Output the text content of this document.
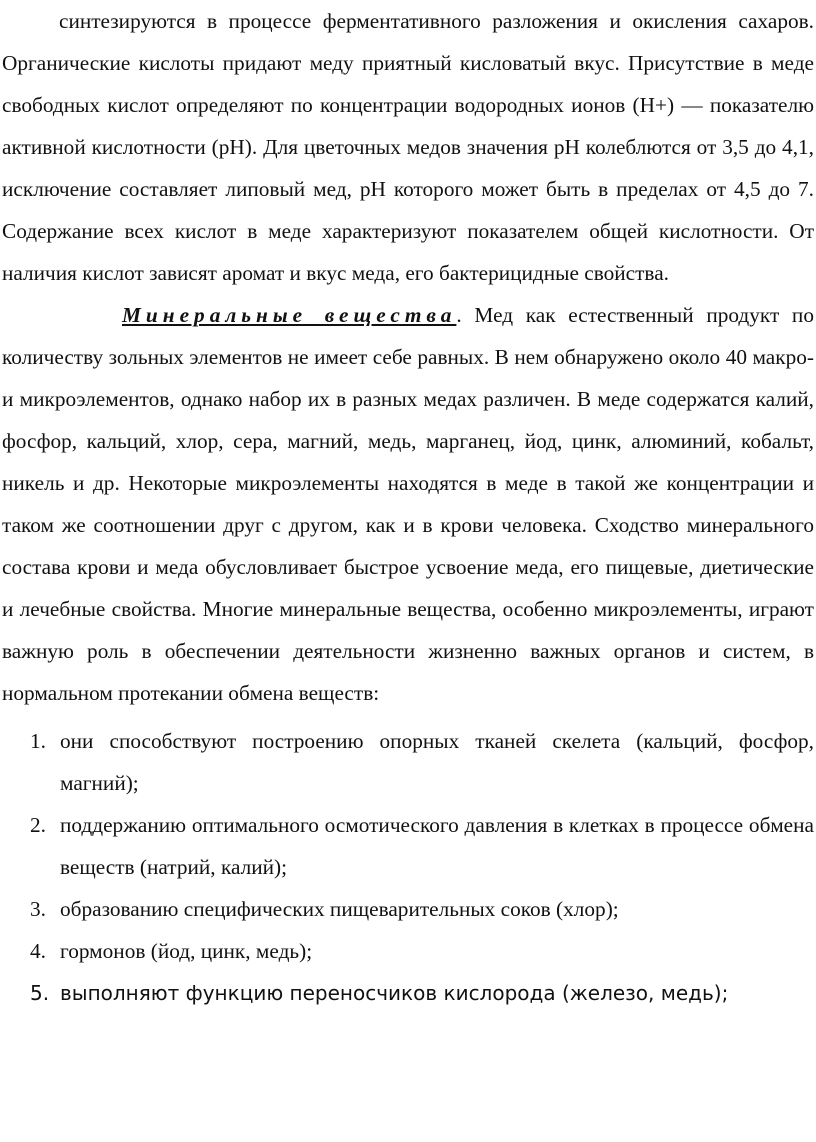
синтезируются в процессе ферментативного разложения и окисления сахаров. Органические кислоты придают меду приятный кисловатый вкус. Присутствие в меде свободных кислот определяют по концентрации водородных ионов (Н+) — показателю активной кислотности (pH). Для цветочных медов значения pH колеблются от 3,5 до 4,1, исключение составляет липовый мед, pH которого может быть в пределах от 4,5 до 7. Содержание всех кислот в меде характеризуют показателем общей кислотности. От наличия кислот зависят аромат и вкус меда, его бактерицидные свойства.

Минеральные вещества. Мед как естественный продукт по количеству зольных элементов не имеет себе равных. В нем обнаружено около 40 макро- и микроэлементов, однако набор их в разных медах различен. В меде содержатся калий, фосфор, кальций, хлор, сера, магний, медь, марганец, йод, цинк, алюминий, кобальт, никель и др. Некоторые микроэлементы находятся в меде в такой же концентрации и таком же соотношении друг с другом, как и в крови человека. Сходство минерального состава крови и меда обусловливает быстрое усвоение меда, его пищевые, диетические и лечебные свойства. Многие минеральные вещества, особенно микроэлементы, играют важную роль в обеспечении деятельности жизненно важных органов и систем, в нормальном протекании обмена веществ:

1. они способствуют построению опорных тканей скелета (кальций, фосфор, магний);
2. поддержанию оптимального осмотического давления в клетках в процессе обмена веществ (натрий, калий);
3. образованию специфических пищеварительных соков (хлор);
4. гормонов (йод, цинк, медь);
5. выполняют функцию переносчиков кислорода (железо, медь);
